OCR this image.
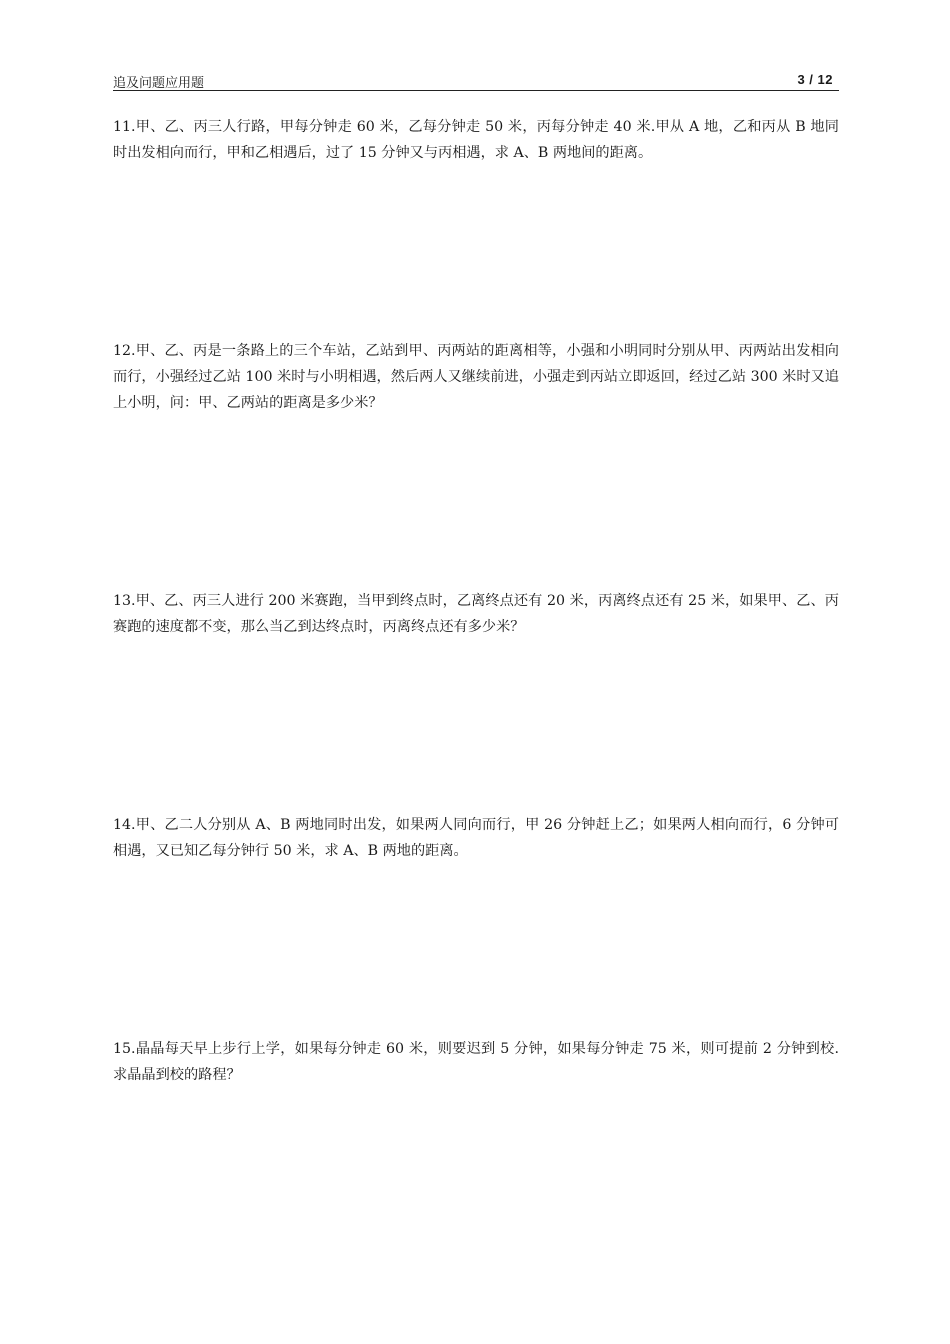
追及问题应用题	3 / 12

11.甲、乙、丙三人行路，甲每分钟走 60 米，乙每分钟走 50 米，丙每分钟走 40 米.甲从 A 地，乙和丙从 B 地同时出发相向而行，甲和乙相遇后，过了 15 分钟又与丙相遇，求 A、B 两地间的距离。

12.甲、乙、丙是一条路上的三个车站，乙站到甲、丙两站的距离相等，小强和小明同时分别从甲、丙两站出发相向而行，小强经过乙站 100 米时与小明相遇，然后两人又继续前进，小强走到丙站立即返回，经过乙站 300 米时又追上小明，问：甲、乙两站的距离是多少米？

13.甲、乙、丙三人进行 200 米赛跑，当甲到终点时，乙离终点还有 20 米，丙离终点还有 25 米，如果甲、乙、丙赛跑的速度都不变，那么当乙到达终点时，丙离终点还有多少米？

14.甲、乙二人分别从 A、B 两地同时出发，如果两人同向而行，甲 26 分钟赶上乙；如果两人相向而行，6 分钟可相遇，又已知乙每分钟行 50 米，求 A、B 两地的距离。

15.晶晶每天早上步行上学，如果每分钟走 60 米，则要迟到 5 分钟，如果每分钟走 75 米，则可提前 2 分钟到校.求晶晶到校的路程？
